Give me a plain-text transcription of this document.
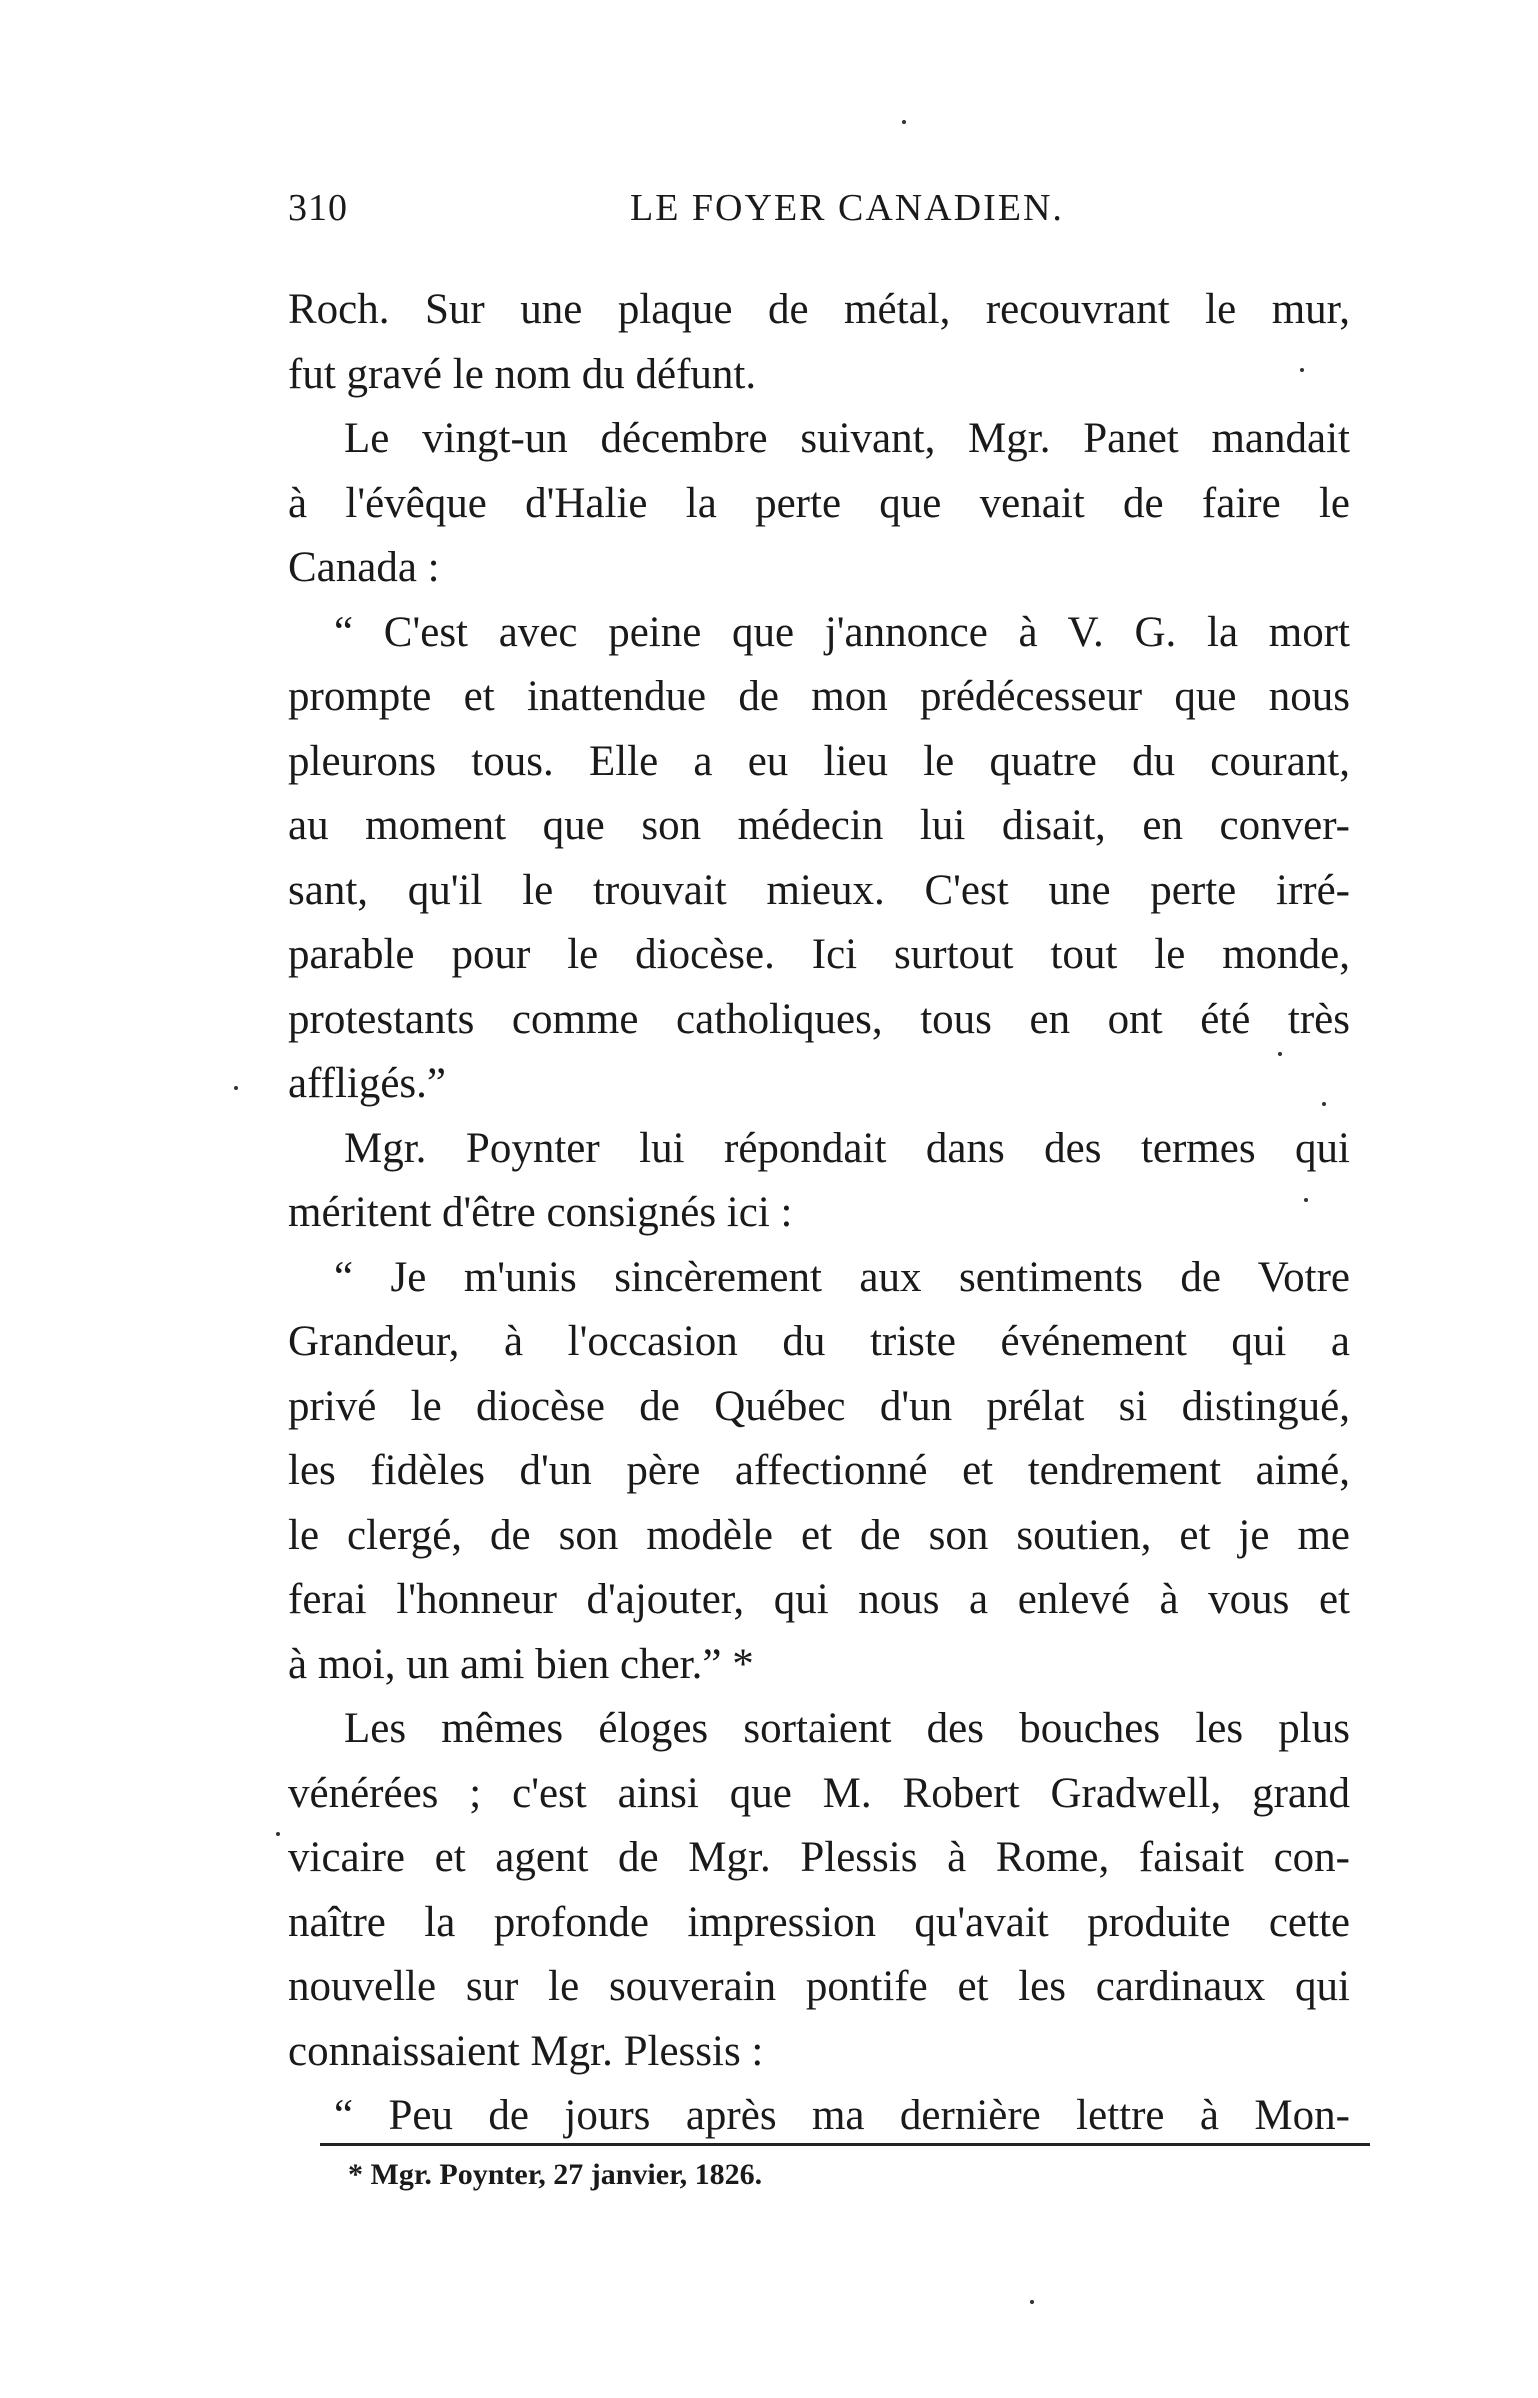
310	LE FOYER CANADIEN.
Roch. Sur une plaque de métal, recouvrant le mur,
fut gravé le nom du défunt.
Le vingt-un décembre suivant, Mgr. Panet mandait
à l'évêque d'Halie la perte que venait de faire le
Canada :
“ C'est avec peine que j'annonce à V. G. la mort
prompte et inattendue de mon prédécesseur que nous
pleurons tous. Elle a eu lieu le quatre du courant,
au moment que son médecin lui disait, en conver-
sant, qu'il le trouvait mieux. C'est une perte irré-
parable pour le diocèse. Ici surtout tout le monde,
protestants comme catholiques, tous en ont été très
affligés.”
Mgr. Poynter lui répondait dans des termes qui
méritent d'être consignés ici :
“ Je m'unis sincèrement aux sentiments de Votre
Grandeur, à l'occasion du triste événement qui a
privé le diocèse de Québec d'un prélat si distingué,
les fidèles d'un père affectionné et tendrement aimé,
le clergé, de son modèle et de son soutien, et je me
ferai l'honneur d'ajouter, qui nous a enlevé à vous et
à moi, un ami bien cher.” *
Les mêmes éloges sortaient des bouches les plus
vénérées ; c'est ainsi que M. Robert Gradwell, grand
vicaire et agent de Mgr. Plessis à Rome, faisait con-
naître la profonde impression qu'avait produite cette
nouvelle sur le souverain pontife et les cardinaux qui
connaissaient Mgr. Plessis :
“ Peu de jours après ma dernière lettre à Mon-
* Mgr. Poynter, 27 janvier, 1826.
